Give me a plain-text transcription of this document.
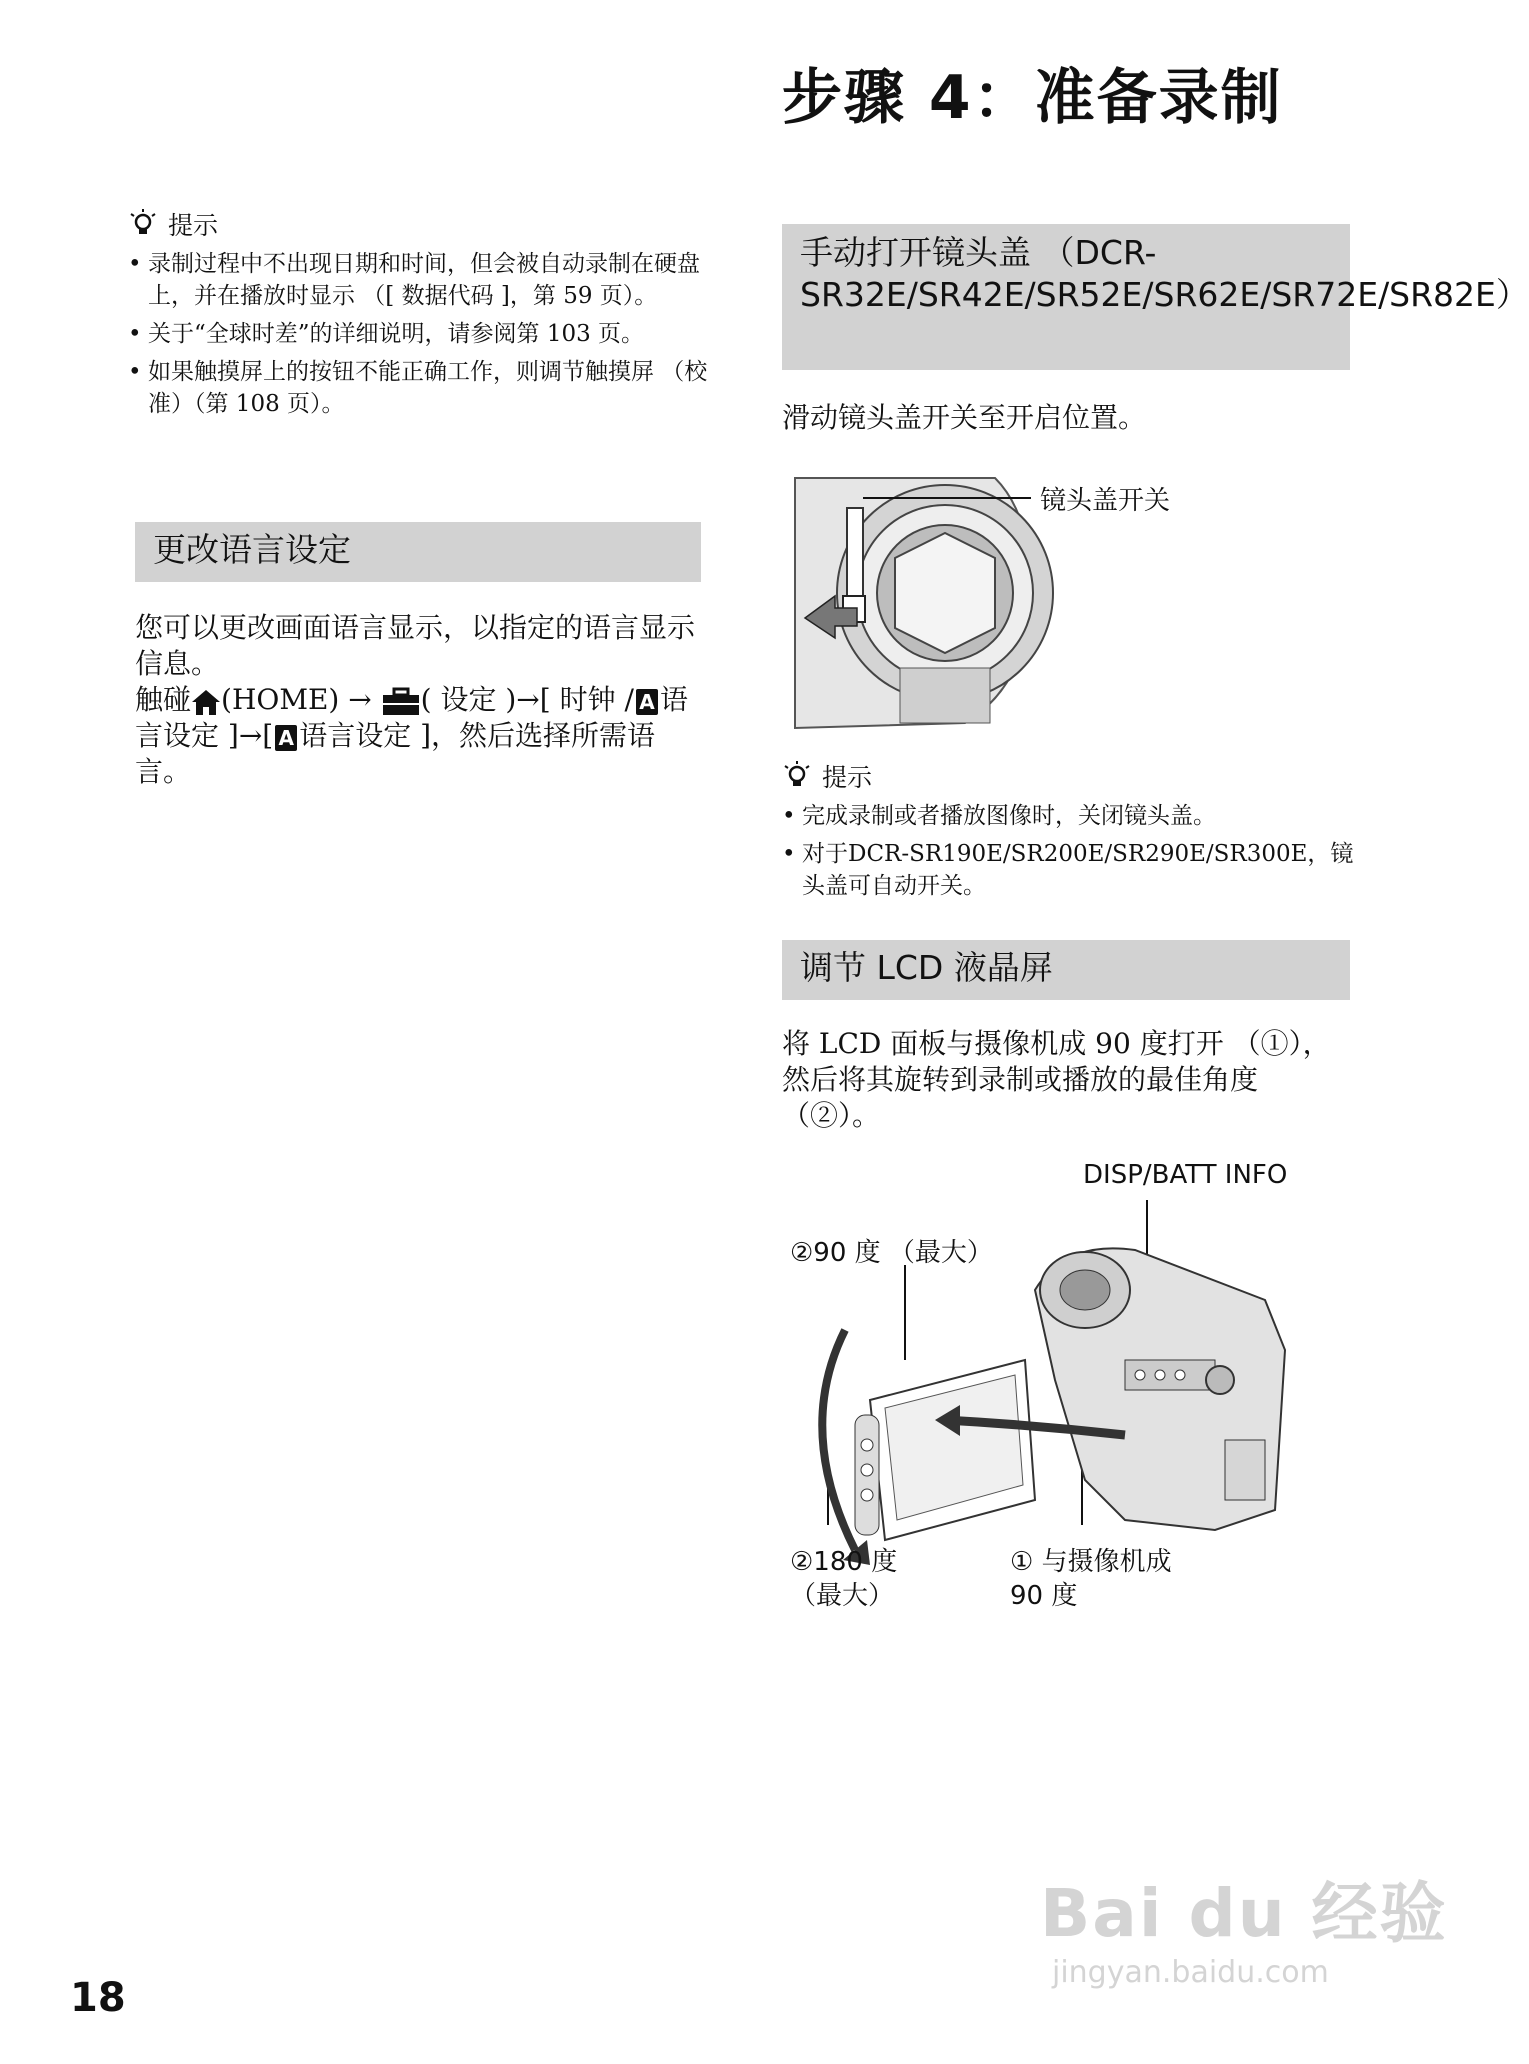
步骤 4：准备录制
提示
• 录制过程中不出现日期和时间，但会被自动录制在硬盘上，并在播放时显示 （[ 数据代码 ]，第 59 页）。
• 关于“全球时差”的详细说明，请参阅第 103 页。
• 如果触摸屏上的按钮不能正确工作，则调节触摸屏 （校准）（第 108 页）。
更改语言设定
您可以更改画面语言显示，以指定的语言显示信息。
触碰 (HOME) → ( 设定 )→[ 时钟 / A 语言设定 ]→[ A 语言设定 ]，然后选择所需语言。
手动打开镜头盖 （DCR-SR32E/SR42E/SR52E/SR62E/SR72E/SR82E）
滑动镜头盖开关至开启位置。
镜头盖开关
提示
• 完成录制或者播放图像时，关闭镜头盖。
• 对于DCR-SR190E/SR200E/SR290E/SR300E，镜头盖可自动开关。
调节 LCD 液晶屏
将 LCD 面板与摄像机成 90 度打开 （①），然后将其旋转到录制或播放的最佳角度 （②）。
DISP/BATT INFO
②90 度 （最大）
②180 度
（最大）
① 与摄像机成
90 度
18
Bai du 经验
jingyan.baidu.com
